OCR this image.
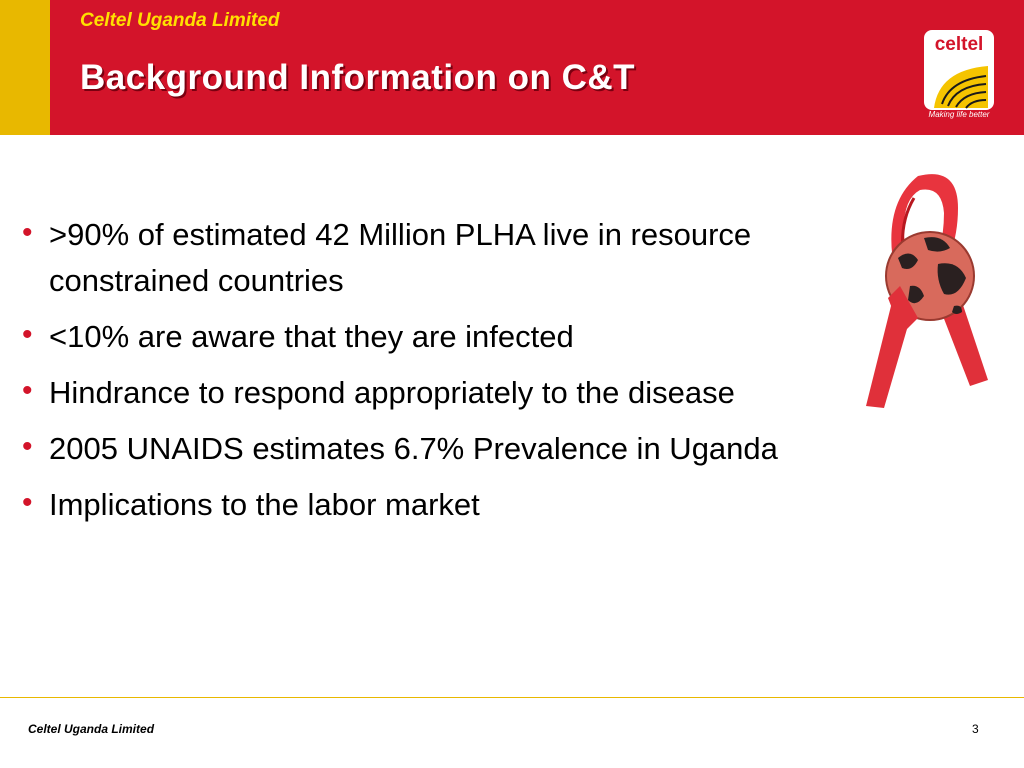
Celtel Uganda Limited
Background Information on C&T
celtel
Making life better
• >90% of estimated 42 Million PLHA live in resource constrained countries
• <10% are aware that they are infected
• Hindrance to respond appropriately to the disease
• 2005 UNAIDS estimates 6.7% Prevalence in Uganda
• Implications to the labor market
Celtel Uganda Limited	3
